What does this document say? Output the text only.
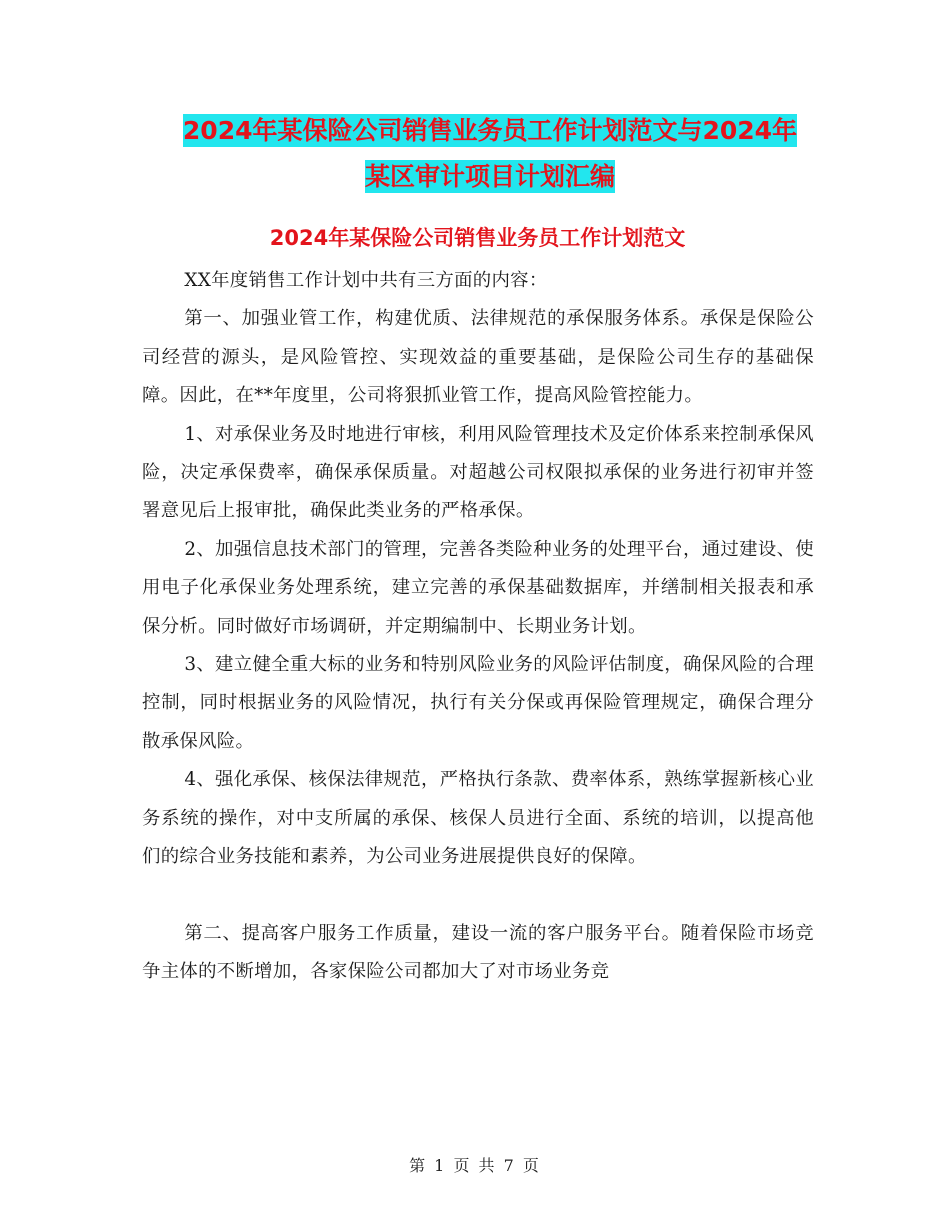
2024年某保险公司销售业务员工作计划范文与2024年
某区审计项目计划汇编
2024年某保险公司销售业务员工作计划范文

XX年度销售工作计划中共有三方面的内容：

第一、加强业管工作，构建优质、法律规范的承保服务体系。承保是保险公司经营的源头，是风险管控、实现效益的重要基础，是保险公司生存的基础保障。因此，在**年度里，公司将狠抓业管工作，提高风险管控能力。

1、对承保业务及时地进行审核，利用风险管理技术及定价体系来控制承保风险，决定承保费率，确保承保质量。对超越公司权限拟承保的业务进行初审并签署意见后上报审批，确保此类业务的严格承保。

2、加强信息技术部门的管理，完善各类险种业务的处理平台，通过建设、使用电子化承保业务处理系统，建立完善的承保基础数据库，并缮制相关报表和承保分析。同时做好市场调研，并定期编制中、长期业务计划。

3、建立健全重大标的业务和特别风险业务的风险评估制度，确保风险的合理控制，同时根据业务的风险情况，执行有关分保或再保险管理规定，确保合理分散承保风险。

4、强化承保、核保法律规范，严格执行条款、费率体系，熟练掌握新核心业务系统的操作，对中支所属的承保、核保人员进行全面、系统的培训，以提高他们的综合业务技能和素养，为公司业务进展提供良好的保障。

第二、提高客户服务工作质量，建设一流的客户服务平台。随着保险市场竞争主体的不断增加，各家保险公司都加大了对市场业务竞

第 1 页 共 7 页
